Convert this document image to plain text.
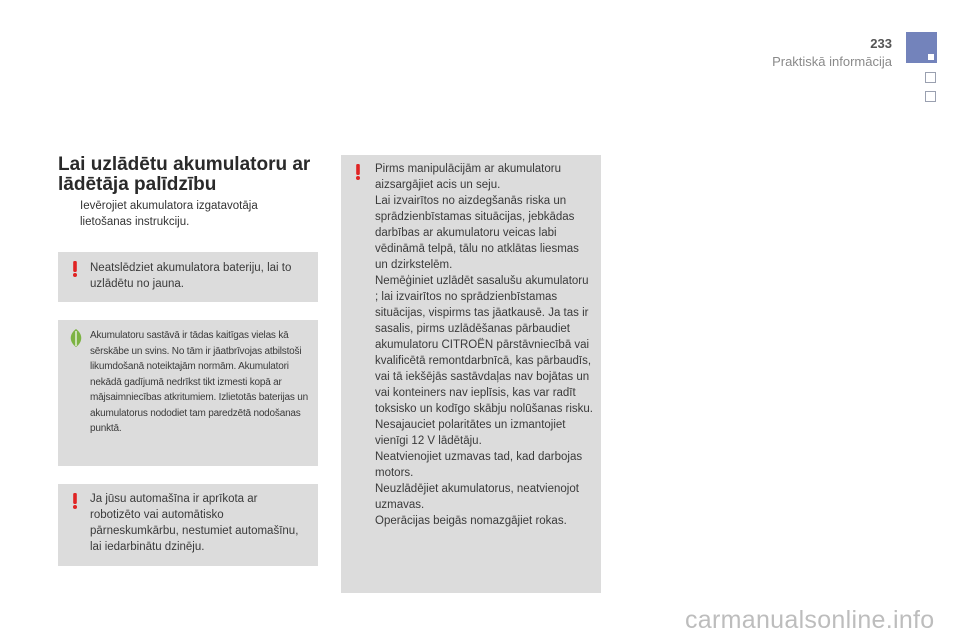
233
Praktiskā informācija
Lai uzlādētu akumulatoru ar lādētāja palīdzību
Ievērojiet akumulatora izgatavotāja lietošanas instrukciju.
Neatslēdziet akumulatora bateriju, lai to uzlādētu no jauna.
Akumulatoru sastāvā ir tādas kaitīgas vielas kā sērskābe un svins. No tām ir jāatbrīvojas atbilstoši likumdošanā noteiktajām normām. Akumulatori nekādā gadījumā nedrīkst tikt izmesti kopā ar mājsaimniecības atkritumiem. Izlietotās baterijas un akumulatorus nododiet tam paredzētā nodošanas punktā.
Ja jūsu automašīna ir aprīkota ar robotizēto vai automātisko pārneskumkārbu, nestumiet automašīnu, lai iedarbinātu dzinēju.
Pirms manipulācijām ar akumulatoru aizsargājiet acis un seju.
Lai izvairītos no aizdegšanās riska un sprādzienbīstamas situācijas, jebkādas darbības ar akumulatoru veicas labi vēdināmā telpā, tālu no atklātas liesmas un dzirkstelēm.
Nemēģiniet uzlādēt sasalušu akumulatoru ; lai izvairītos no sprādzienbīstamas situācijas, vispirms tas jāatkausē. Ja tas ir sasalis, pirms uzlādēšanas pārbaudiet akumulatoru CITROËN pārstāvniecībā vai kvalificētā remontdarbnīcā, kas pārbaudīs, vai tā iekšējās sastāvdaļas nav bojātas un vai konteiners nav ieplīsis, kas var radīt toksisko un kodīgo skābju nolūšanas risku.
Nesajauciet polaritātes un izmantojiet vienīgi 12 V lādētāju.
Neatvienojiet uzmavas tad, kad darbojas motors.
Neuzlādējiet akumulatorus, neatvienojot uzmavas.
Operācijas beigās nomazgājiet rokas.
carmanualsonline.info
